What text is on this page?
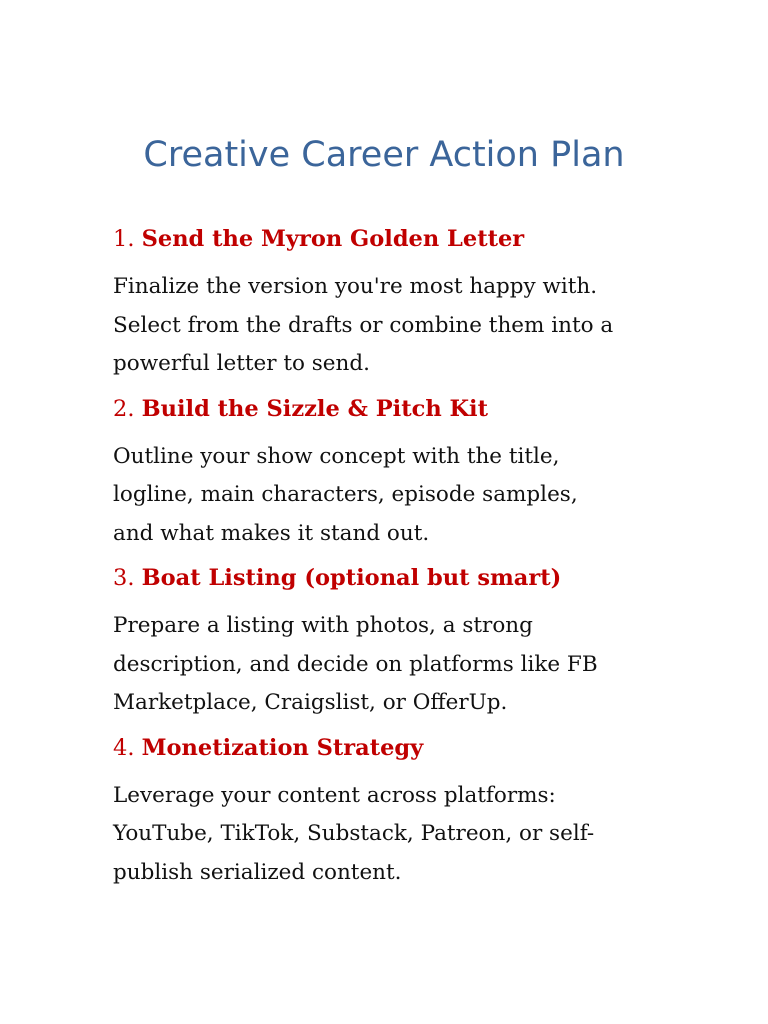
Creative Career Action Plan
1. Send the Myron Golden Letter
Finalize the version you're most happy with.
Select from the drafts or combine them into a
powerful letter to send.
2. Build the Sizzle & Pitch Kit
Outline your show concept with the title,
logline, main characters, episode samples,
and what makes it stand out.
3. Boat Listing (optional but smart)
Prepare a listing with photos, a strong
description, and decide on platforms like FB
Marketplace, Craigslist, or OfferUp.
4. Monetization Strategy
Leverage your content across platforms:
YouTube, TikTok, Substack, Patreon, or self-
publish serialized content.
